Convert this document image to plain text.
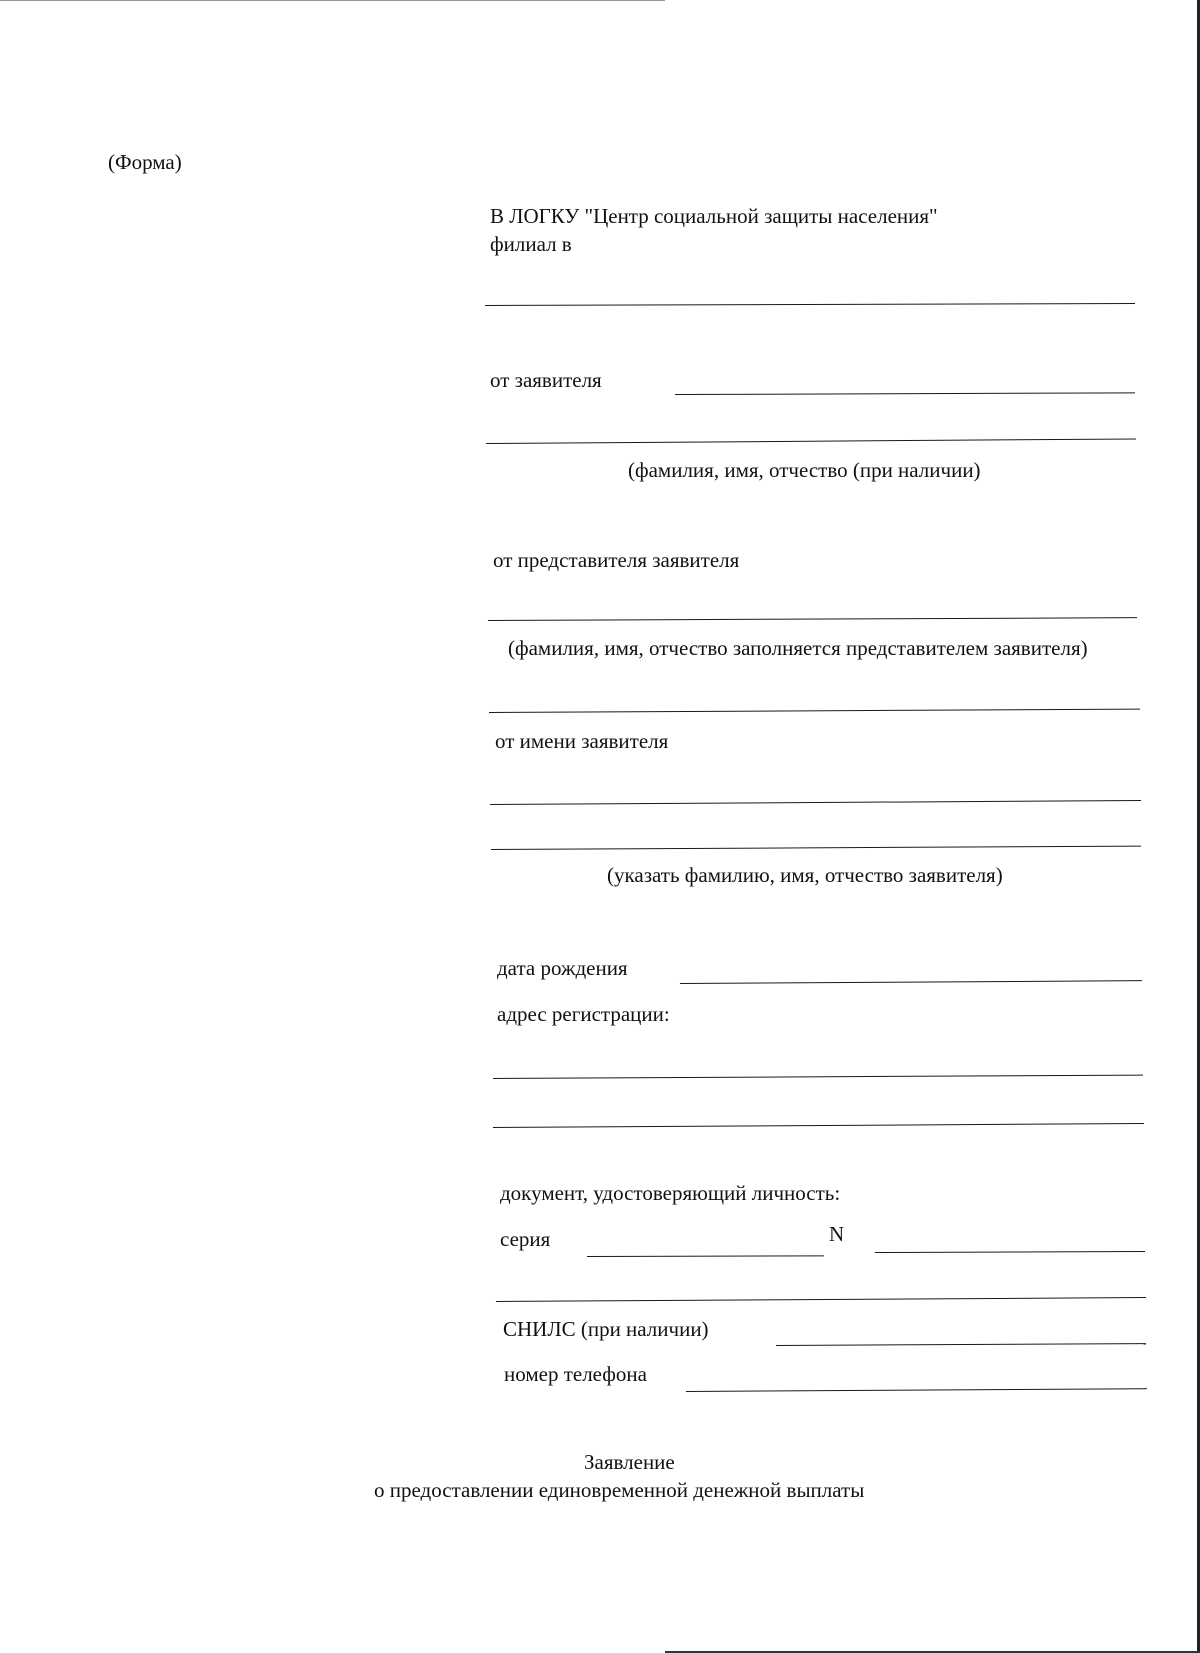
(Форма)
В ЛОГКУ "Центр социальной защиты населения"
филиал в
от заявителя
(фамилия, имя, отчество (при наличии)
от представителя заявителя
(фамилия, имя, отчество заполняется представителем заявителя)
от имени заявителя
(указать фамилию, имя, отчество заявителя)
дата рождения
адрес регистрации:
документ, удостоверяющий личность:
серия	N
СНИЛС (при наличии)
номер телефона
Заявление
о предоставлении единовременной денежной выплаты
